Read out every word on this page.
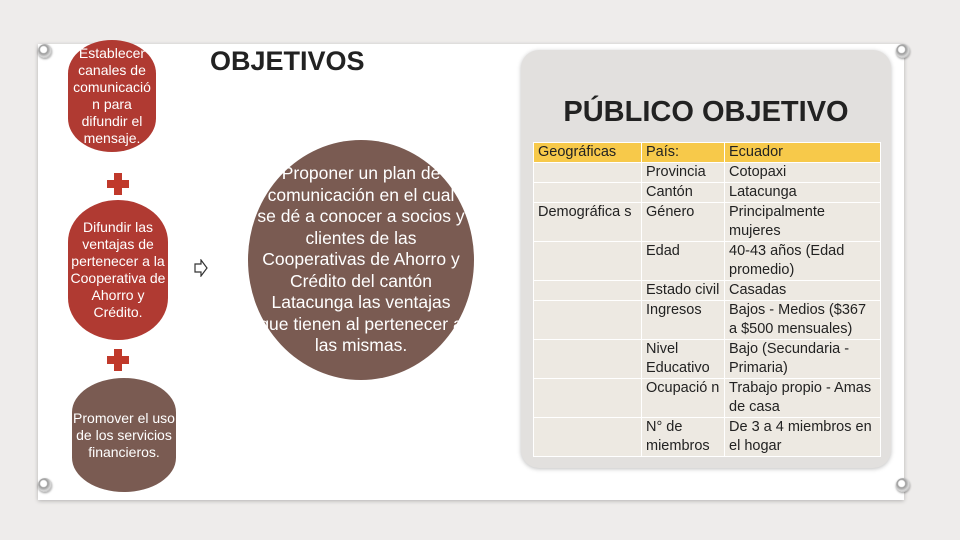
OBJETIVOS
Establecer canales de comunicació n para difundir el mensaje.
Difundir las ventajas de pertenecer a la Cooperativa de Ahorro y Crédito.
Promover el uso de los servicios financieros.
Proponer un plan de comunicación en el cual se dé a conocer a socios y clientes de las Cooperativas de Ahorro y Crédito del cantón Latacunga las ventajas que tienen al pertenecer a las mismas.
PÚBLICO OBJETIVO
Geográficas	País:	Ecuador
	Provincia	Cotopaxi
	Cantón	Latacunga
Demográfica s	Género	Principalmente mujeres
	Edad	40-43 años (Edad promedio)
	Estado civil	Casadas
	Ingresos	Bajos - Medios ($367 a $500 mensuales)
	Nivel Educativo	Bajo (Secundaria - Primaria)
	Ocupació n	Trabajo propio - Amas de casa
	N° de miembros	De 3 a 4 miembros en el hogar
